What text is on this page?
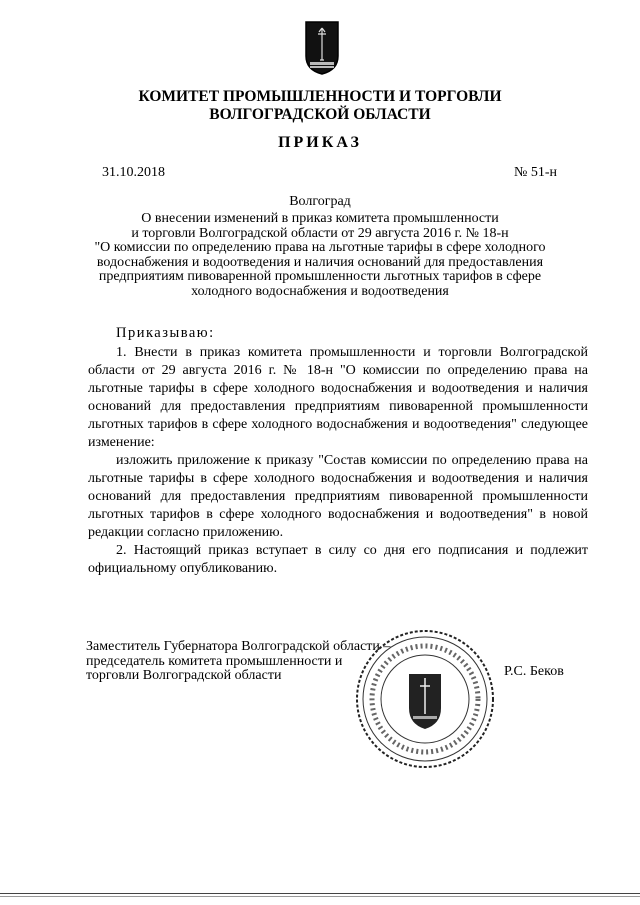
КОМИТЕТ ПРОМЫШЛЕННОСТИ И ТОРГОВЛИ
ВОЛГОГРАДСКОЙ ОБЛАСТИ
ПРИКАЗ
31.10.2018	№ 51-н
Волгоград
О внесении изменений в приказ комитета промышленности
и торговли Волгоградской области от 29 августа 2016 г. № 18-н
"О комиссии по определению права на льготные тарифы в сфере холодного
водоснабжения и водоотведения и наличия оснований для предоставления
предприятиям пивоваренной промышленности льготных тарифов в сфере
холодного водоснабжения и водоотведения
Приказываю:
1. Внести в приказ комитета промышленности и торговли Волгоградской области от 29 августа 2016 г. № 18-н "О комиссии по определению права на льготные тарифы в сфере холодного водоснабжения и водоотведения и наличия оснований для предоставления предприятиям пивоваренной промышленности льготных тарифов в сфере холодного водоснабжения и водоотведения" следующее изменение:
изложить приложение к приказу "Состав комиссии по определению права на льготные тарифы в сфере холодного водоснабжения и водоотведения и наличия оснований для предоставления предприятиям пивоваренной промышленности льготных тарифов в сфере холодного водоснабжения и водоотведения" в новой редакции согласно приложению.
2. Настоящий приказ вступает в силу со дня его подписания и подлежит официальному опубликованию.
Заместитель Губернатора Волгоградской области –
председатель комитета промышленности и
торговли Волгоградской области	Р.С. Беков
